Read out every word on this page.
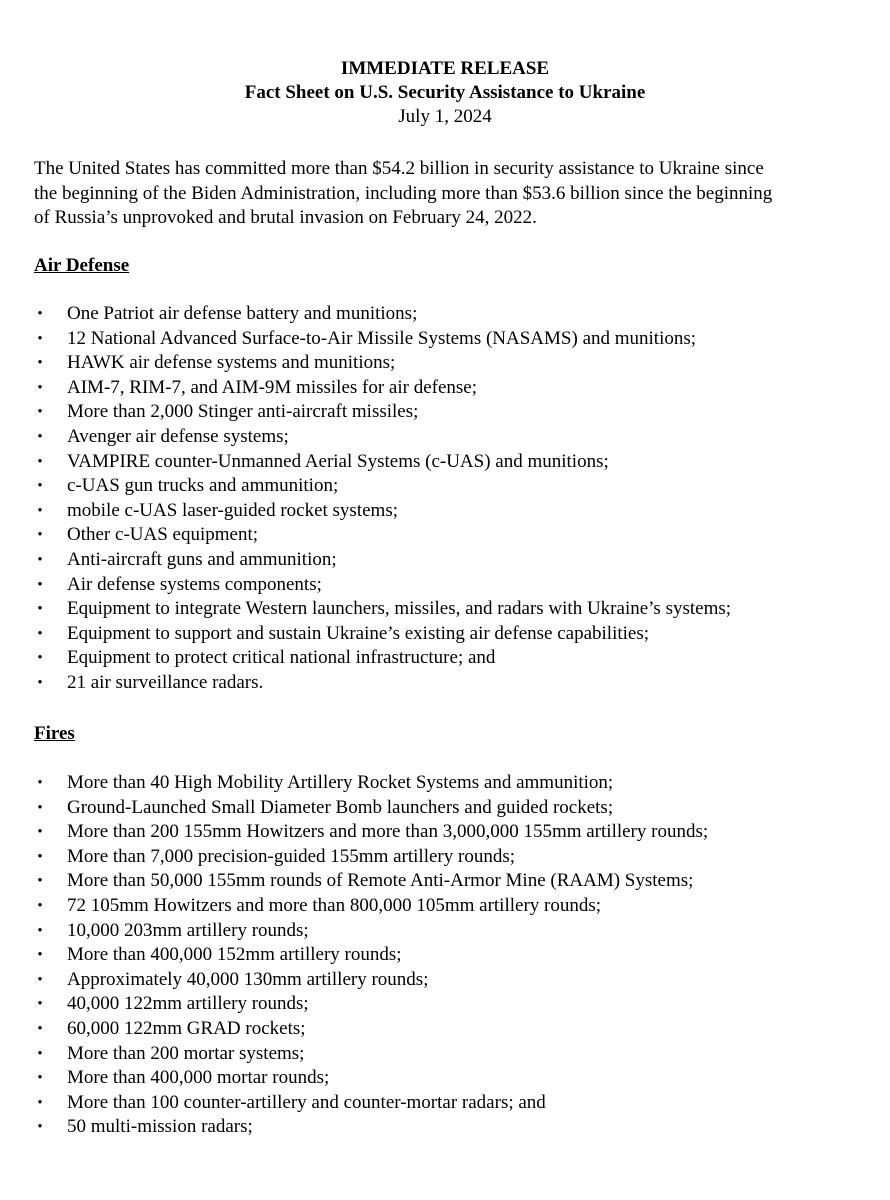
IMMEDIATE RELEASE
Fact Sheet on U.S. Security Assistance to Ukraine
July 1, 2024
The United States has committed more than $54.2 billion in security assistance to Ukraine since
the beginning of the Biden Administration, including more than $53.6 billion since the beginning
of Russia’s unprovoked and brutal invasion on February 24, 2022.
Air Defense
• One Patriot air defense battery and munitions;
• 12 National Advanced Surface-to-Air Missile Systems (NASAMS) and munitions;
• HAWK air defense systems and munitions;
• AIM-7, RIM-7, and AIM-9M missiles for air defense;
• More than 2,000 Stinger anti-aircraft missiles;
• Avenger air defense systems;
• VAMPIRE counter-Unmanned Aerial Systems (c-UAS) and munitions;
• c-UAS gun trucks and ammunition;
• mobile c-UAS laser-guided rocket systems;
• Other c-UAS equipment;
• Anti-aircraft guns and ammunition;
• Air defense systems components;
• Equipment to integrate Western launchers, missiles, and radars with Ukraine’s systems;
• Equipment to support and sustain Ukraine’s existing air defense capabilities;
• Equipment to protect critical national infrastructure; and
• 21 air surveillance radars.
Fires
• More than 40 High Mobility Artillery Rocket Systems and ammunition;
• Ground-Launched Small Diameter Bomb launchers and guided rockets;
• More than 200 155mm Howitzers and more than 3,000,000 155mm artillery rounds;
• More than 7,000 precision-guided 155mm artillery rounds;
• More than 50,000 155mm rounds of Remote Anti-Armor Mine (RAAM) Systems;
• 72 105mm Howitzers and more than 800,000 105mm artillery rounds;
• 10,000 203mm artillery rounds;
• More than 400,000 152mm artillery rounds;
• Approximately 40,000 130mm artillery rounds;
• 40,000 122mm artillery rounds;
• 60,000 122mm GRAD rockets;
• More than 200 mortar systems;
• More than 400,000 mortar rounds;
• More than 100 counter-artillery and counter-mortar radars; and
• 50 multi-mission radars;
